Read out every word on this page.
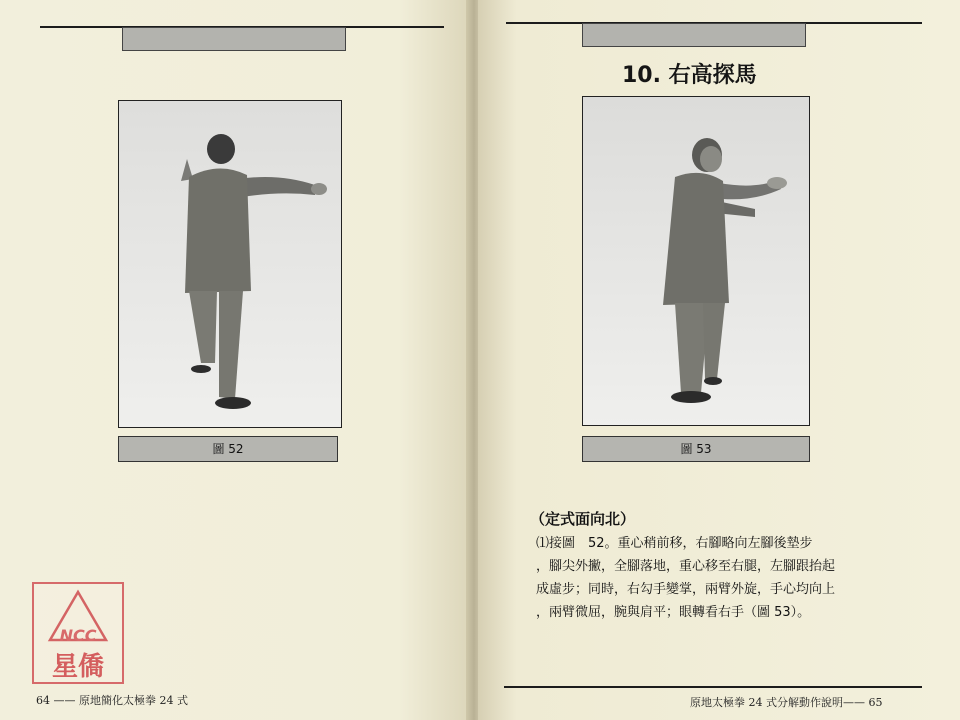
圖 52

64 —— 原地簡化太極拳 24 式
NCC
星僑
10. 右高探馬
圖 53
（定式面向北）
⑴接圖　52。重心稍前移，右腳略向左腳後墊步
，腳尖外撇，全腳落地，重心移至右腿，左腳跟抬起
成虛步；同時，右勾手變掌，兩臂外旋，手心均向上
，兩臂微屈，腕與肩平；眼轉看右手（圖 53）。
原地太極拳 24 式分解動作說明—— 65
